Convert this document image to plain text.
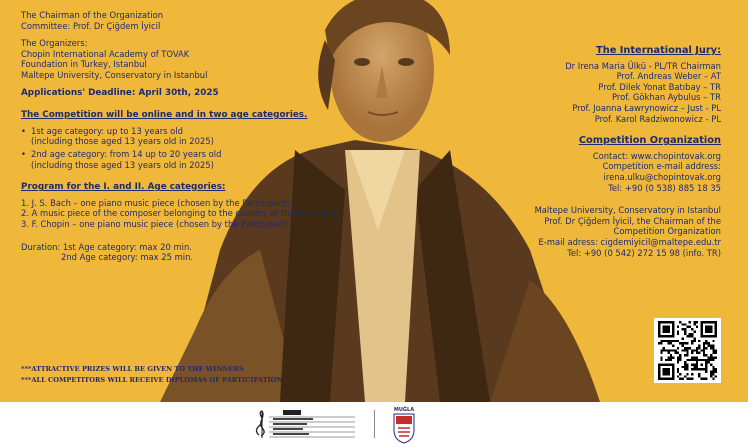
The Chairman of the Organization
Committee: Prof. Dr Çiğdem İyicil
The Organizers:
Chopin International Academy of TOVAK
Foundation in Turkey, Istanbul
Maltepe University, Conservatory in Istanbul
Applications' Deadline: April 30th, 2025
The Competition will be online and in two age categories.
• 1st age category: up to 13 years old
(including those aged 13 years old in 2025)
• 2nd age category: from 14 up to 20 years old
(including those aged 13 years old in 2025)
Program for the I. and II. Age categories:
1. J. S. Bach – one piano music piece (chosen by the Participant)
2. A music piece of the composer belonging to the country of the Participant
3. F. Chopin – one piano music piece (chosen by the Participant)
Duration: 1st Age category: max 20 min.
2nd Age category: max 25 min.
The International Jury:
Dr Irena Maria Ülkü - PL/TR Chairman
Prof. Andreas Weber – AT
Prof. Dilek Yonat Batıbay – TR
Prof. Gökhan Aybulus – TR
Prof. Joanna Ławrynowicz – Just - PL
Prof. Karol Radziwonowicz - PL
Competition Organization
Contact: www.chopintovak.org
Competition e-mail address:
irena.ulku@chopintovak.org
Tel: +90 (0 538) 885 18 35
Maltepe University, Conservatory in Istanbul
Prof. Dr Çiğdem İyicil, the Chairman of the
Competition Organization
E-mail adress: cigdemiyicil@maltepe.edu.tr
Tel: +90 (0 542) 272 15 98 (info. TR)
***ATTRACTIVE PRIZES WILL BE GIVEN TO THE WINNERS
***ALL COMPETITORS WILL RECEIVE DIPLOMAS OF PARTICIPATION
MUĞLA
